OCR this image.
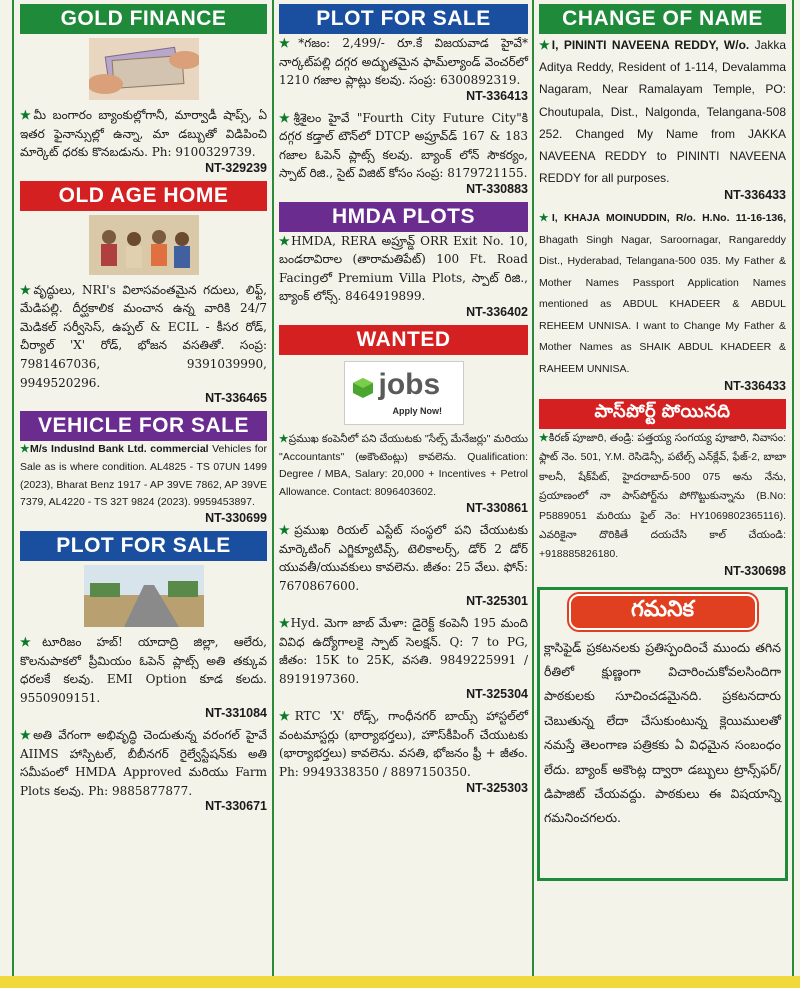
GOLD FINANCE
★మీ బంగారం బ్యాంకుల్లోగానీ, మార్వాడీ షాప్స్, ఏ ఇతర ఫైనాన్సుల్లో ఉన్నా, మా డబ్బుతో విడిపించి మార్కెట్ ధరకు కొనబడును. Ph: 9100329739.
NT-329239
OLD AGE HOME
★వృద్ధులు, NRI's విలాసవంతమైన గదులు, లిఫ్ట్, మేడిపల్లి. దీర్ఘకాలిక మంచాన ఉన్న వారికి 24/7 మెడికల్ సర్వీసెస్, ఉప్పల్ & ECIL - కీసర రోడ్, చీర్యాల్ 'X' రోడ్, భోజన వసతితో. సంప్ర: 7981467036, 9391039990, 9949520296.
NT-336465
VEHICLE FOR SALE
★M/s IndusInd Bank Ltd. commercial Vehicles for Sale as is where condition. AL4825 - TS 07UN 1499 (2023), Bharat Benz 1917 - AP 39VE 7862, AP 39VE 7379, AL4220 - TS 32T 9824 (2023). 9959453897.
NT-330699
PLOT FOR SALE
★టూరిజం హబ్! యాదాద్రి జిల్లా, ఆలేరు, కొలనుపాకలో ప్రీమియం ఓపెన్ ప్లాట్స్ అతి తక్కువ ధరలకే కలవు. EMI Option కూడ కలదు. 9550909151.
NT-331084
★అతి వేగంగా అభివృద్ధి చెందుతున్న వరంగల్ హైవే AIIMS హాస్పిటల్, బీబీనగర్ రైల్వేస్టేషన్‌కు అతి సమీపంలో HMDA Approved మరియు Farm Plots కలవు. Ph: 9885877877.
NT-330671
PLOT FOR SALE
★*గజం: 2,499/- రూ.కే విజయవాడ హైవే* నార్కట్‌పల్లి దగ్గర అద్భుతమైన ఫామ్‌ల్యాండ్ వెంచర్‌లో 1210 గజాల ప్లాట్లు కలవు. సంప్ర: 6300892319.
NT-336413
★శ్రీశైలం హైవే "Fourth City Future City"కి దగ్గర కడ్తాల్ టౌన్‌లో DTCP అప్రూవ్‌డ్ 167 & 183 గజాల ఓపెన్ ప్లాట్స్ కలవు. బ్యాంక్ లోన్ సౌకర్యం, స్పాట్ రిజి., సైట్ విజిట్ కోసం సంప్ర: 8179721155.
NT-330883
HMDA PLOTS
★HMDA, RERA అప్రూవ్డ్ ORR Exit No. 10, బండరావిరాల (తారామతిపేట్) 100 Ft. Road Facingలో Premium Villa Plots, స్పాట్ రిజి., బ్యాంక్ లోన్స్. 8464919899.
NT-336402
WANTED
jobs
Apply Now!
★ప్రముఖ కంపెనీలో పని చేయుటకు "సేల్స్ మేనేజర్లు" మరియు "Accountants" (అకౌంటెంట్లు) కావలెను. Qualification: Degree / MBA, Salary: 20,000 + Incentives + Petrol Allowance. Contact: 8096403602.
NT-330861
★ప్రముఖ రియల్ ఎస్టేట్ సంస్థలో పని చేయుటకు మార్కెటింగ్ ఎగ్జిక్యూటివ్స్, టెలికాలర్స్, డోర్ 2 డోర్ యువతీ/యువకులు కావలెను. జీతం: 25 వేలు. ఫోన్: 7670867600.
NT-325301
★Hyd. మెగా జాబ్ మేళా: డైరెక్ట్ కంపెనీ 195 మంది వివిధ ఉద్యోగాలకై స్పాట్ సెలక్షన్. Q: 7 to PG, జీతం: 15K to 25K, వసతి. 9849225991 / 8919197360.
NT-325304
★RTC 'X' రోడ్స్, గాంధీనగర్ బాయ్స్ హాస్టల్‌లో వంటమాస్టర్లు (భార్యాభర్తలు), హౌస్‌కీపింగ్ చేయుటకు (భార్యాభర్తలు) కావలెను. వసతి, భోజనం ఫ్రీ + జీతం. Ph: 9949338350 / 8897150350.
NT-325303
CHANGE OF NAME
★I, PININTI NAVEENA REDDY, W/o. Jakka Aditya Reddy, Resident of 1-114, Devalamma Nagaram, Near Ramalayam Temple, PO: Choutupala, Dist., Nalgonda, Telangana-508 252. Changed My Name from JAKKA NAVEENA REDDY to PININTI NAVEENA REDDY for all purposes.
NT-336433
★I, KHAJA MOINUDDIN, R/o. H.No. 11-16-136, Bhagath Singh Nagar, Saroornagar, Rangareddy Dist., Hyderabad, Telangana-500 035. My Father & Mother Names Passport Application Names mentioned as ABDUL KHADEER & ABDUL REHEEM UNNISA. I want to Change My Father & Mother Names as SHAIK ABDUL KHADEER & RAHEEM UNNISA.
NT-336433
పాస్‌పోర్ట్ పోయినది
★కిరణ్ పూజారి, తండ్రి: పత్తయ్య సంగయ్య పూజారి, నివాసం: ఫ్లాట్ నెం. 501, Y.M. రెసిడెన్సీ, పటేల్స్ ఎన్‌క్లేవ్, ఫేజ్-2, బాబా కాలనీ, షేక్‌పేట్, హైదరాబాద్-500 075 అను నేను, ప్రయాణంలో నా పాస్‌పోర్ట్‌ను పోగొట్టుకున్నాను (B.No: P5889051 మరియు ఫైల్ నెం: HY1069802365116). ఎవరికైనా దొరికితే దయచేసి కాల్ చేయండి: +918885826180.
NT-330698
గమనిక
క్లాసిఫైడ్ ప్రకటనలకు ప్రతిస్పందించే ముందు తగిన రీతిలో క్షుణ్ణంగా విచారించుకోవలసిందిగా పాఠకులకు సూచించడమైనది. ప్రకటనదారు చెబుతున్న లేదా చేసుకుంటున్న క్లెయిములతో నమస్తే తెలంగాణ పత్రికకు ఏ విధమైన సంబంధం లేదు. బ్యాంక్ అకౌంట్ల ద్వారా డబ్బులు ట్రాన్స్‌ఫర్/డిపాజిట్ చేయవద్దు. పాఠకులు ఈ విషయాన్ని గమనించగలరు.
